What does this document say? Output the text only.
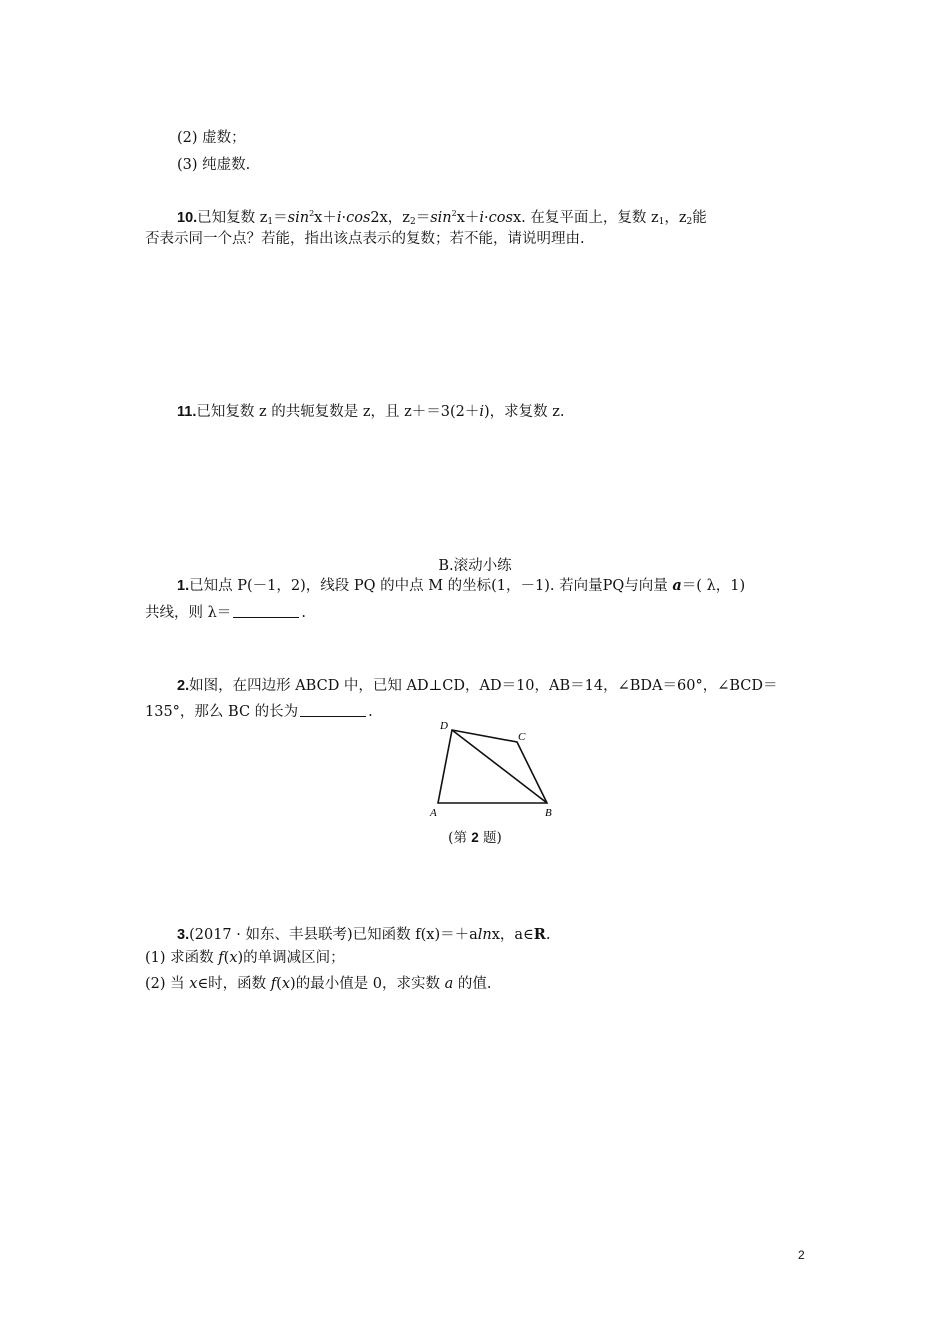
(2) 虚数；
(3) 纯虚数.
10.已知复数 $z_1=\sin^2x+i\cdot\cos 2x$，$z_2=\sin^2x+i\cdot\cos x$. 在复平面上，复数 $z_1$，$z_2$能
否表示同一个点？若能，指出该点表示的复数；若不能，请说明理由.
11.已知复数 z 的共轭复数是 z，且 z＋＝3(2＋i)，求复数 z.
B.滚动小练
1.已知点 P(－1，2)，线段 PQ 的中点 M 的坐标(1，－1). 若向量PQ与向量 a＝( λ，1)
共线，则 λ＝	.
2.如图，在四边形 ABCD 中，已知 AD⊥CD，AD＝10，AB＝14，∠BDA＝60°，∠BCD＝
135°，那么 BC 的长为	.
D
C
A	B
(第 2 题)
3.(2017 · 如东、丰县联考)已知函数 f(x)＝＋alnx，a∈R.
(1) 求函数 f(x)的单调减区间；
(2) 当 x∈时，函数 f(x)的最小值是 0，求实数 a 的值.
2
